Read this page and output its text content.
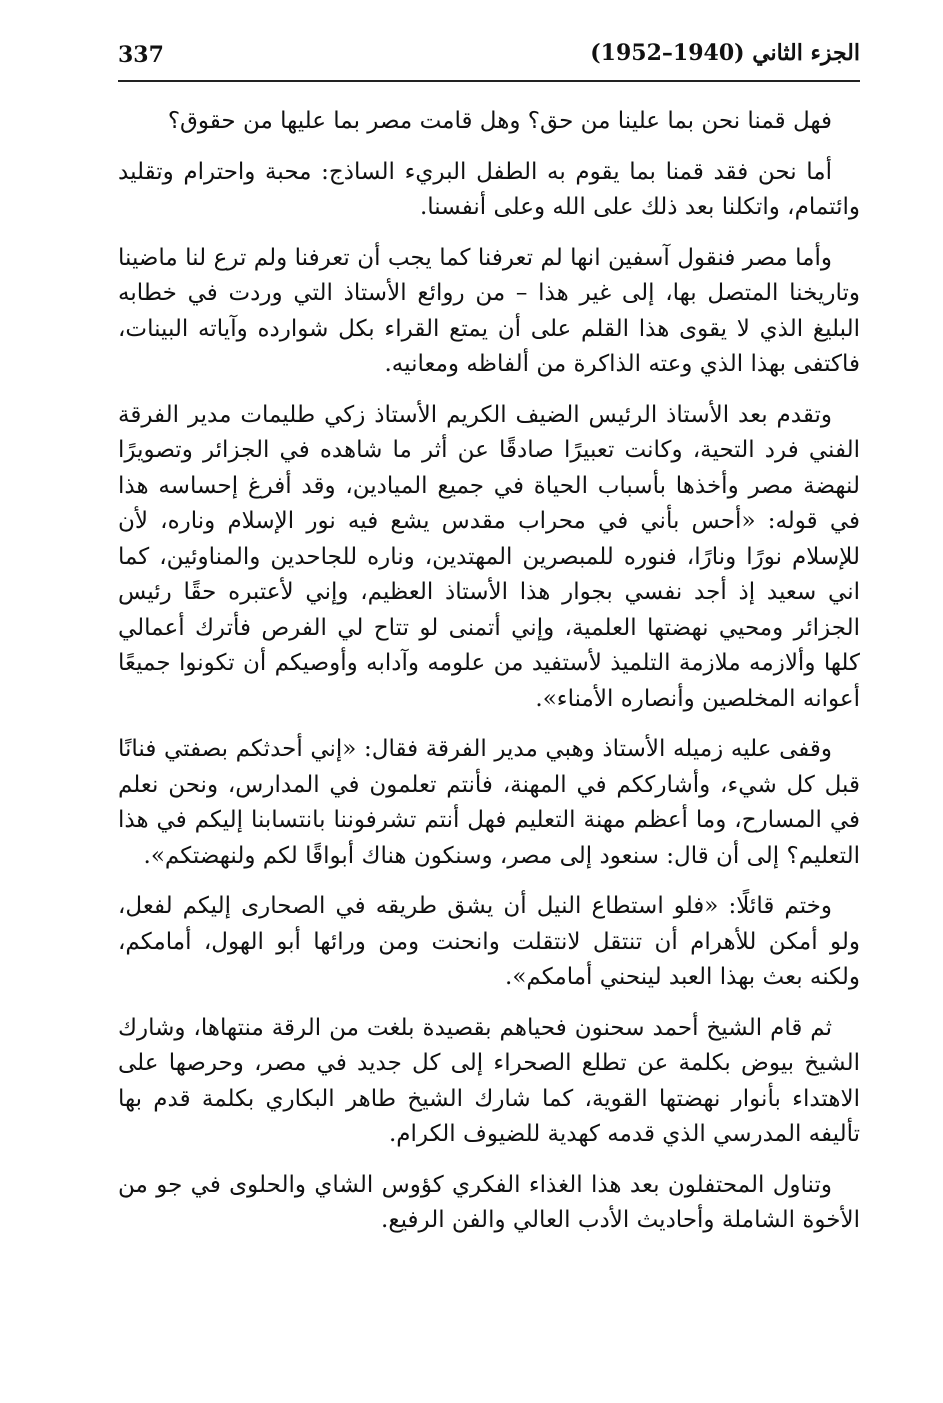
337	الجزء الثاني (1940–1952)

فهل قمنا نحن بما علينا من حق؟ وهل قامت مصر بما عليها من حقوق؟

أما نحن فقد قمنا بما يقوم به الطفل البريء الساذج: محبة واحترام وتقليد وائتمام، واتكلنا بعد ذلك على الله وعلى أنفسنا.

وأما مصر فنقول آسفين انها لم تعرفنا كما يجب أن تعرفنا ولم ترع لنا ماضينا وتاريخنا المتصل بها، إلى غير هذا – من روائع الأستاذ التي وردت في خطابه البليغ الذي لا يقوى هذا القلم على أن يمتع القراء بكل شوارده وآياته البينات، فاكتفى بهذا الذي وعته الذاكرة من ألفاظه ومعانيه.

وتقدم بعد الأستاذ الرئيس الضيف الكريم الأستاذ زكي طليمات مدير الفرقة الفني فرد التحية، وكانت تعبيرًا صادقًا عن أثر ما شاهده في الجزائر وتصويرًا لنهضة مصر وأخذها بأسباب الحياة في جميع الميادين، وقد أفرغ إحساسه هذا في قوله: «أحس بأني في محراب مقدس يشع فيه نور الإسلام وناره، لأن للإسلام نورًا ونارًا، فنوره للمبصرين المهتدين، وناره للجاحدين والمناوئين، كما اني سعيد إذ أجد نفسي بجوار هذا الأستاذ العظيم، وإني لأعتبره حقًا رئيس الجزائر ومحيي نهضتها العلمية، وإني أتمنى لو تتاح لي الفرص فأترك أعمالي كلها وألازمه ملازمة التلميذ لأستفيد من علومه وآدابه وأوصيكم أن تكونوا جميعًا أعوانه المخلصين وأنصاره الأمناء».

وقفى عليه زميله الأستاذ وهبي مدير الفرقة فقال: «إني أحدثكم بصفتي فنانًا قبل كل شيء، وأشارككم في المهنة، فأنتم تعلمون في المدارس، ونحن نعلم في المسارح، وما أعظم مهنة التعليم فهل أنتم تشرفوننا بانتسابنا إليكم في هذا التعليم؟ إلى أن قال: سنعود إلى مصر، وسنكون هناك أبواقًا لكم ولنهضتكم».

وختم قائلًا: «فلو استطاع النيل أن يشق طريقه في الصحارى إليكم لفعل، ولو أمكن للأهرام أن تنتقل لانتقلت وانحنت ومن ورائها أبو الهول، أمامكم، ولكنه بعث بهذا العبد لينحني أمامكم».

ثم قام الشيخ أحمد سحنون فحياهم بقصيدة بلغت من الرقة منتهاها، وشارك الشيخ بيوض بكلمة عن تطلع الصحراء إلى كل جديد في مصر، وحرصها على الاهتداء بأنوار نهضتها القوية، كما شارك الشيخ طاهر البكاري بكلمة قدم بها تأليفه المدرسي الذي قدمه كهدية للضيوف الكرام.

وتناول المحتفلون بعد هذا الغذاء الفكري كؤوس الشاي والحلوى في جو من الأخوة الشاملة وأحاديث الأدب العالي والفن الرفيع.
